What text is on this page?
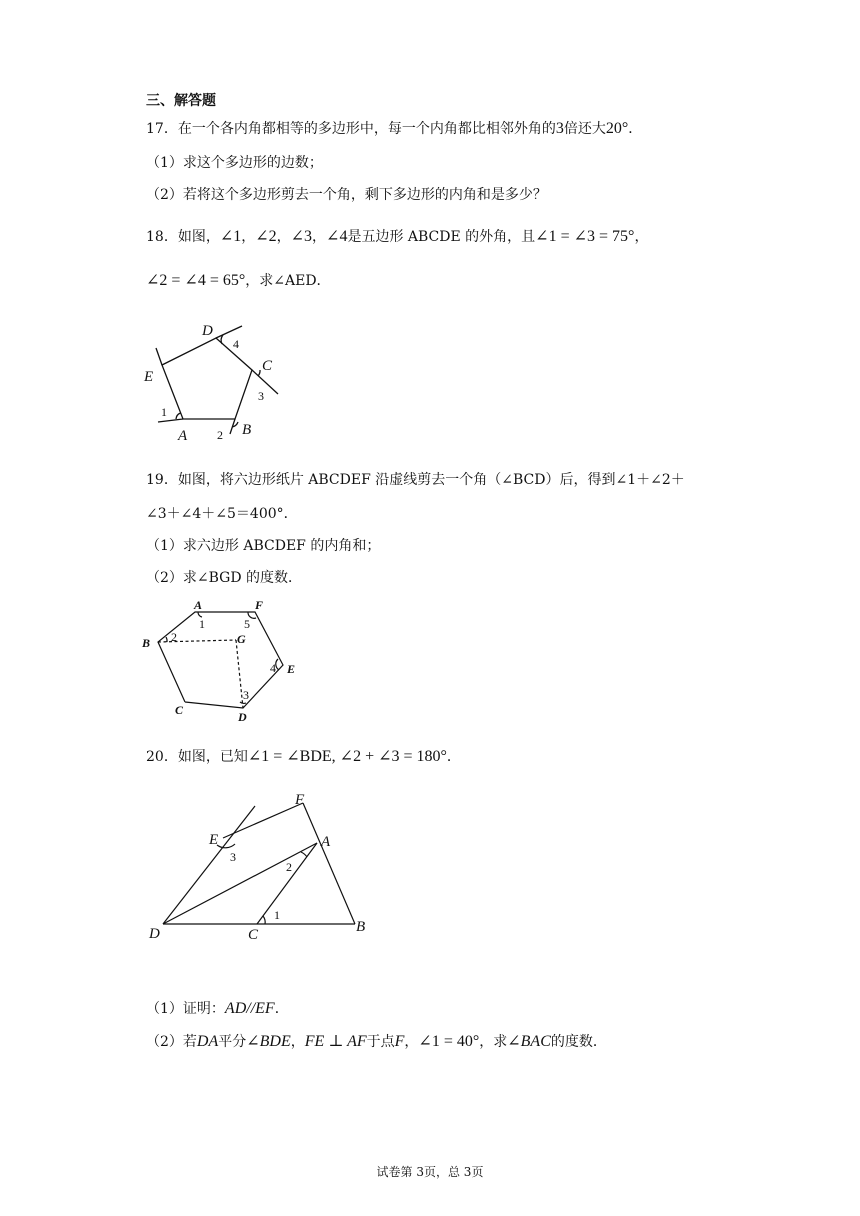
三、解答题
17．在一个各内角都相等的多边形中，每一个内角都比相邻外角的3倍还大20°．
（1）求这个多边形的边数；
（2）若将这个多边形剪去一个角，剩下多边形的内角和是多少？
18．如图，∠1，∠2，∠3，∠4是五边形 ABCDE 的外角，且∠1 = ∠3 = 75°，
∠2 = ∠4 = 65°，求∠AED．
A	B
C
D
E
1
2
3
4
19．如图，将六边形纸片 ABCDEF 沿虚线剪去一个角（∠BCD）后，得到∠1＋∠2＋
∠3＋∠4＋∠5＝400°．
（1）求六边形 ABCDEF 的内角和；
（2）求∠BGD 的度数．
A
B
C	D
E
F
G
1
2
3
4
5
20．如图，已知∠1 = ∠BDE, ∠2 + ∠3 = 180°．
D	C	B
A
E
F
3
2
1
（1）证明：AD//EF．
（2）若DA平分∠BDE，FE ⊥ AF于点F，∠1 = 40°，求∠BAC的度数．
试卷第 3页，总 3页
